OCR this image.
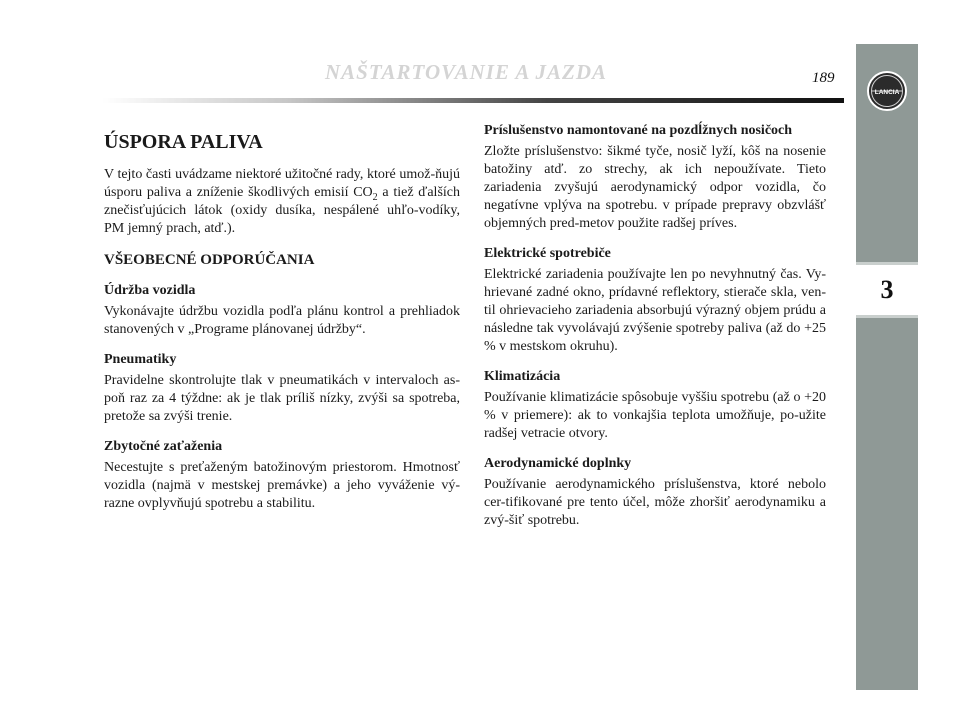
LANCIA
3
NAŠTARTOVANIE A JAZDA	189
ÚSPORA PALIVA

V tejto časti uvádzame niektoré užitočné rady, ktoré umož-ňujú úsporu paliva a zníženie škodlivých emisií $CO_2$ a tiež ďalších znečisťujúcich látok (oxidy dusíka, nespálené uhľo-vodíky, PM jemný prach, atď.).

VŠEOBECNÉ ODPORÚČANIA
Údržba vozidla

Vykonávajte údržbu vozidla podľa plánu kontrol a prehliadok stanovených v „Programe plánovanej údržby“.

Pneumatiky

Pravidelne skontrolujte tlak v pneumatikách v intervaloch as-poň raz za 4 týždne: ak je tlak príliš nízky, zvýši sa spotreba, pretože sa zvýši trenie.

Zbytočné zaťaženia

Necestujte s preťaženým batožinovým priestorom. Hmotnosť vozidla (najmä v mestskej premávke) a jeho vyváženie vý-razne ovplyvňujú spotrebu a stabilitu.

Príslušenstvo namontované na pozdĺžnych nosičoch

Zložte príslušenstvo: šikmé tyče, nosič lyží, kôš na nosenie batožiny atď. zo strechy, ak ich nepoužívate. Tieto zariadenia zvyšujú aerodynamický odpor vozidla, čo negatívne vplýva na spotrebu. v prípade prepravy obzvlášť objemných pred-metov použite radšej príves.

Elektrické spotrebiče

Elektrické zariadenia používajte len po nevyhnutný čas. Vy-hrievané zadné okno, prídavné reflektory, stierače skla, ven-til ohrievacieho zariadenia absorbujú výrazný objem prúdu a následne tak vyvolávajú zvýšenie spotreby paliva (až do +25 % v mestskom okruhu).

Klimatizácia

Používanie klimatizácie spôsobuje vyššiu spotrebu (až o +20 % v priemere): ak to vonkajšia teplota umožňuje, po-užite radšej vetracie otvory.

Aerodynamické doplnky

Používanie aerodynamického príslušenstva, ktoré nebolo cer-tifikované pre tento účel, môže zhoršiť aerodynamiku a zvý-šiť spotrebu.
